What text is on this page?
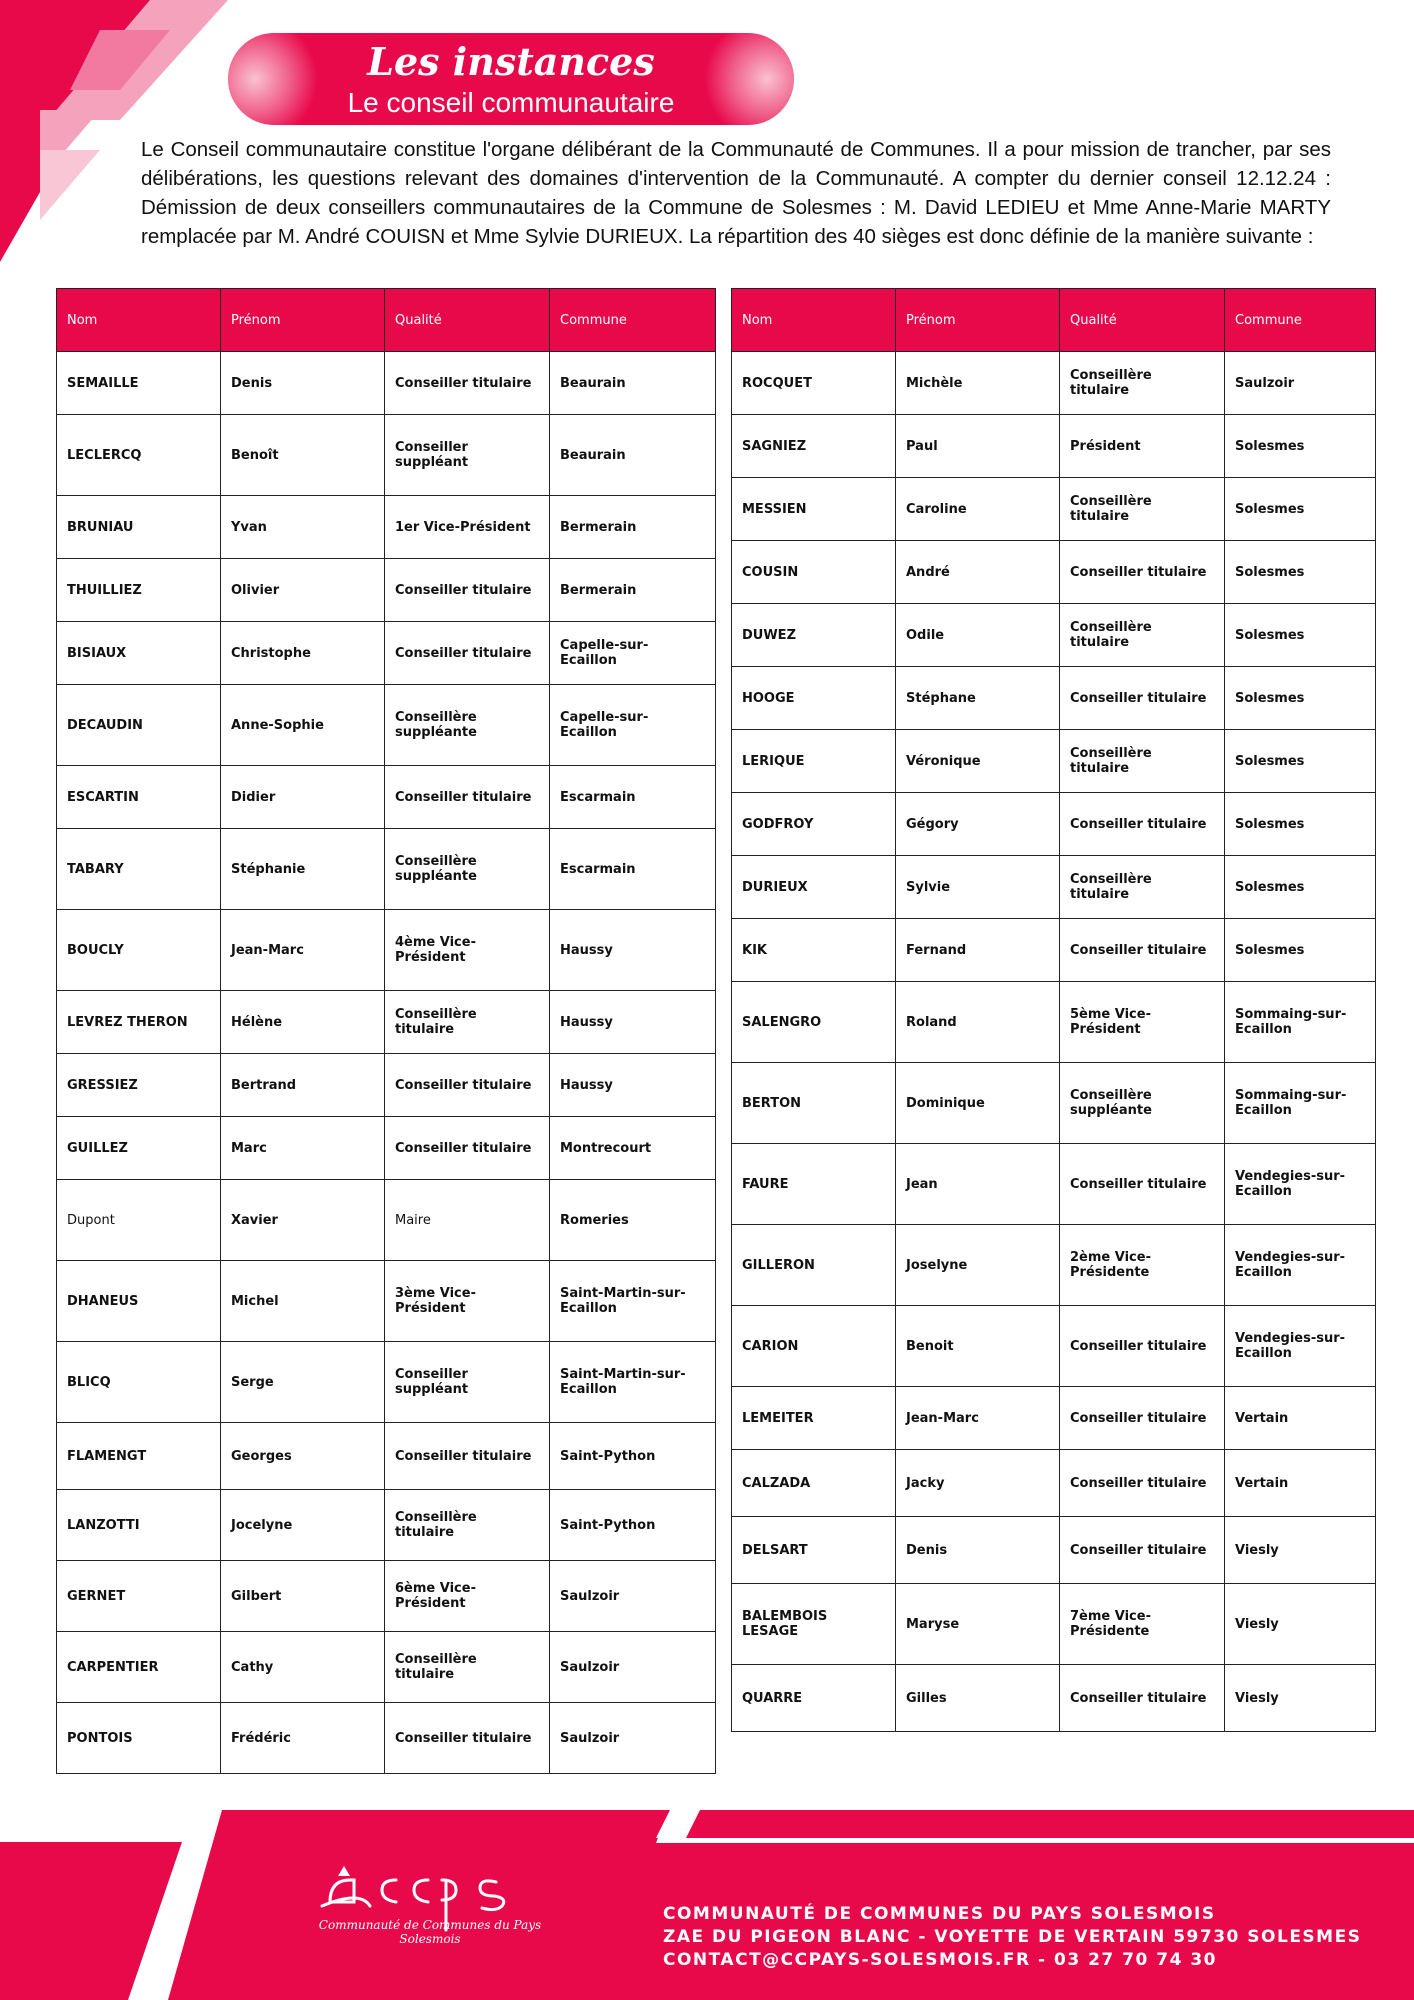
Les instances
Le conseil communautaire
Le Conseil communautaire constitue l'organe délibérant de la Communauté de Communes. Il a pour mission de trancher, par ses délibérations, les questions relevant des domaines d'intervention de la Communauté. A compter du dernier conseil 12.12.24 : Démission de deux conseillers communautaires de la Commune de Solesmes : M. David LEDIEU et Mme Anne-Marie MARTY remplacée par M. André COUISN et Mme Sylvie DURIEUX. La répartition des 40 sièges est donc définie de la manière suivante :
Nom	Prénom	Qualité	Commune
SEMAILLE	Denis	Conseiller titulaire	Beaurain
LECLERCQ	Benoît	Conseiller suppléant	Beaurain
BRUNIAU	Yvan	1er Vice-Président	Bermerain
THUILLIEZ	Olivier	Conseiller titulaire	Bermerain
BISIAUX	Christophe	Conseiller titulaire	Capelle-sur-Ecaillon
DECAUDIN	Anne-Sophie	Conseillère suppléante	Capelle-sur-Ecaillon
ESCARTIN	Didier	Conseiller titulaire	Escarmain
TABARY	Stéphanie	Conseillère suppléante	Escarmain
BOUCLY	Jean-Marc	4ème Vice-Président	Haussy
LEVREZ THERON	Hélène	Conseillère titulaire	Haussy
GRESSIEZ	Bertrand	Conseiller titulaire	Haussy
GUILLEZ	Marc	Conseiller titulaire	Montrecourt
Dupont	Xavier	Maire	Romeries
DHANEUS	Michel	3ème Vice-Président	Saint-Martin-sur-Ecaillon
BLICQ	Serge	Conseiller suppléant	Saint-Martin-sur-Ecaillon
FLAMENGT	Georges	Conseiller titulaire	Saint-Python
LANZOTTI	Jocelyne	Conseillère titulaire	Saint-Python
GERNET	Gilbert	6ème Vice-Président	Saulzoir
CARPENTIER	Cathy	Conseillère titulaire	Saulzoir
PONTOIS	Frédéric	Conseiller titulaire	Saulzoir
Nom	Prénom	Qualité	Commune
ROCQUET	Michèle	Conseillère titulaire	Saulzoir
SAGNIEZ	Paul	Président	Solesmes
MESSIEN	Caroline	Conseillère titulaire	Solesmes
COUSIN	André	Conseiller titulaire	Solesmes
DUWEZ	Odile	Conseillère titulaire	Solesmes
HOOGE	Stéphane	Conseiller titulaire	Solesmes
LERIQUE	Véronique	Conseillère titulaire	Solesmes
GODFROY	Gégory	Conseiller titulaire	Solesmes
DURIEUX	Sylvie	Conseillère titulaire	Solesmes
KIK	Fernand	Conseiller titulaire	Solesmes
SALENGRO	Roland	5ème Vice-Président	Sommaing-sur-Ecaillon
BERTON	Dominique	Conseillère suppléante	Sommaing-sur-Ecaillon
FAURE	Jean	Conseiller titulaire	Vendegies-sur-Ecaillon
GILLERON	Joselyne	2ème Vice-Présidente	Vendegies-sur-Ecaillon
CARION	Benoit	Conseiller titulaire	Vendegies-sur-Ecaillon
LEMEITER	Jean-Marc	Conseiller titulaire	Vertain
CALZADA	Jacky	Conseiller titulaire	Vertain
DELSART	Denis	Conseiller titulaire	Viesly
BALEMBOIS LESAGE	Maryse	7ème Vice-Présidente	Viesly
QUARRE	Gilles	Conseiller titulaire	Viesly
Communauté de Communes du Pays Solesmois
COMMUNAUTÉ DE COMMUNES DU PAYS SOLESMOIS
ZAE DU PIGEON BLANC - VOYETTE DE VERTAIN 59730 SOLESMES
CONTACT@CCPAYS-SOLESMOIS.FR - 03 27 70 74 30
